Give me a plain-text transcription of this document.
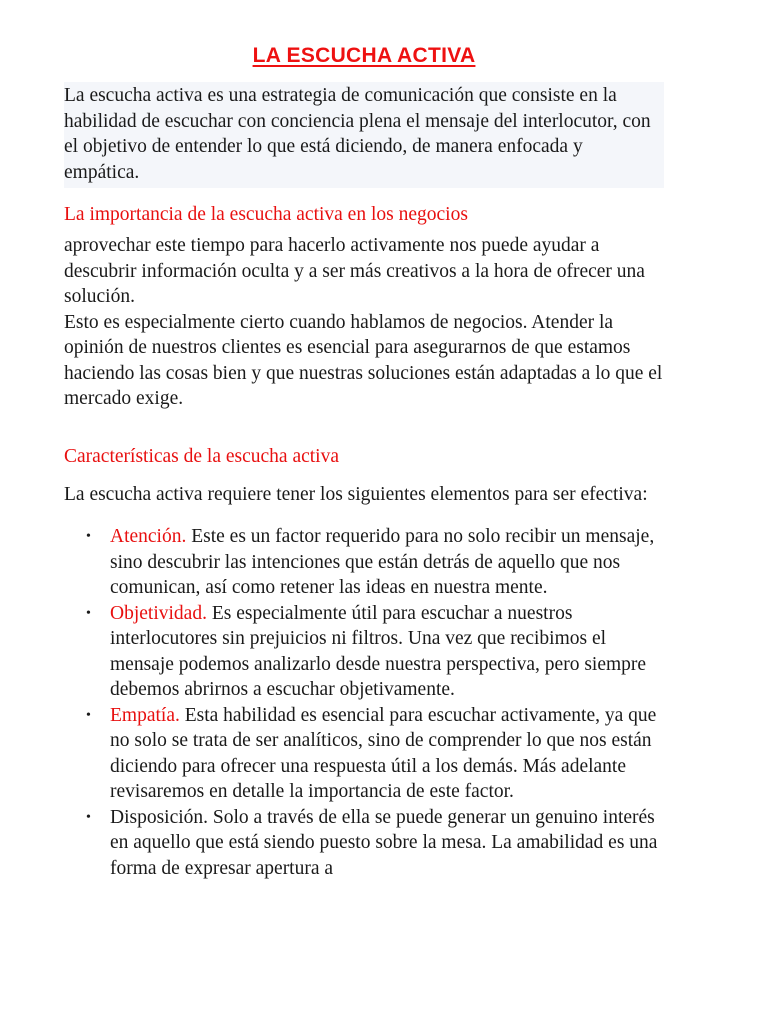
LA ESCUCHA ACTIVA

La escucha activa es una estrategia de comunicación que consiste en la habilidad de escuchar con conciencia plena el mensaje del interlocutor, con el objetivo de entender lo que está diciendo, de manera enfocada y empática.

La importancia de la escucha activa en los negocios

aprovechar este tiempo para hacerlo activamente nos puede ayudar a descubrir información oculta y a ser más creativos a la hora de ofrecer una solución.

Esto es especialmente cierto cuando hablamos de negocios. Atender la opinión de nuestros clientes es esencial para asegurarnos de que estamos haciendo las cosas bien y que nuestras soluciones están adaptadas a lo que el mercado exige.

Características de la escucha activa

La escucha activa requiere tener los siguientes elementos para ser efectiva:

• Atención. Este es un factor requerido para no solo recibir un mensaje, sino descubrir las intenciones que están detrás de aquello que nos comunican, así como retener las ideas en nuestra mente.
• Objetividad. Es especialmente útil para escuchar a nuestros interlocutores sin prejuicios ni filtros. Una vez que recibimos el mensaje podemos analizarlo desde nuestra perspectiva, pero siempre debemos abrirnos a escuchar objetivamente.
• Empatía. Esta habilidad es esencial para escuchar activamente, ya que no solo se trata de ser analíticos, sino de comprender lo que nos están diciendo para ofrecer una respuesta útil a los demás. Más adelante revisaremos en detalle la importancia de este factor.
• Disposición. Solo a través de ella se puede generar un genuino interés en aquello que está siendo puesto sobre la mesa. La amabilidad es una forma de expresar apertura a
